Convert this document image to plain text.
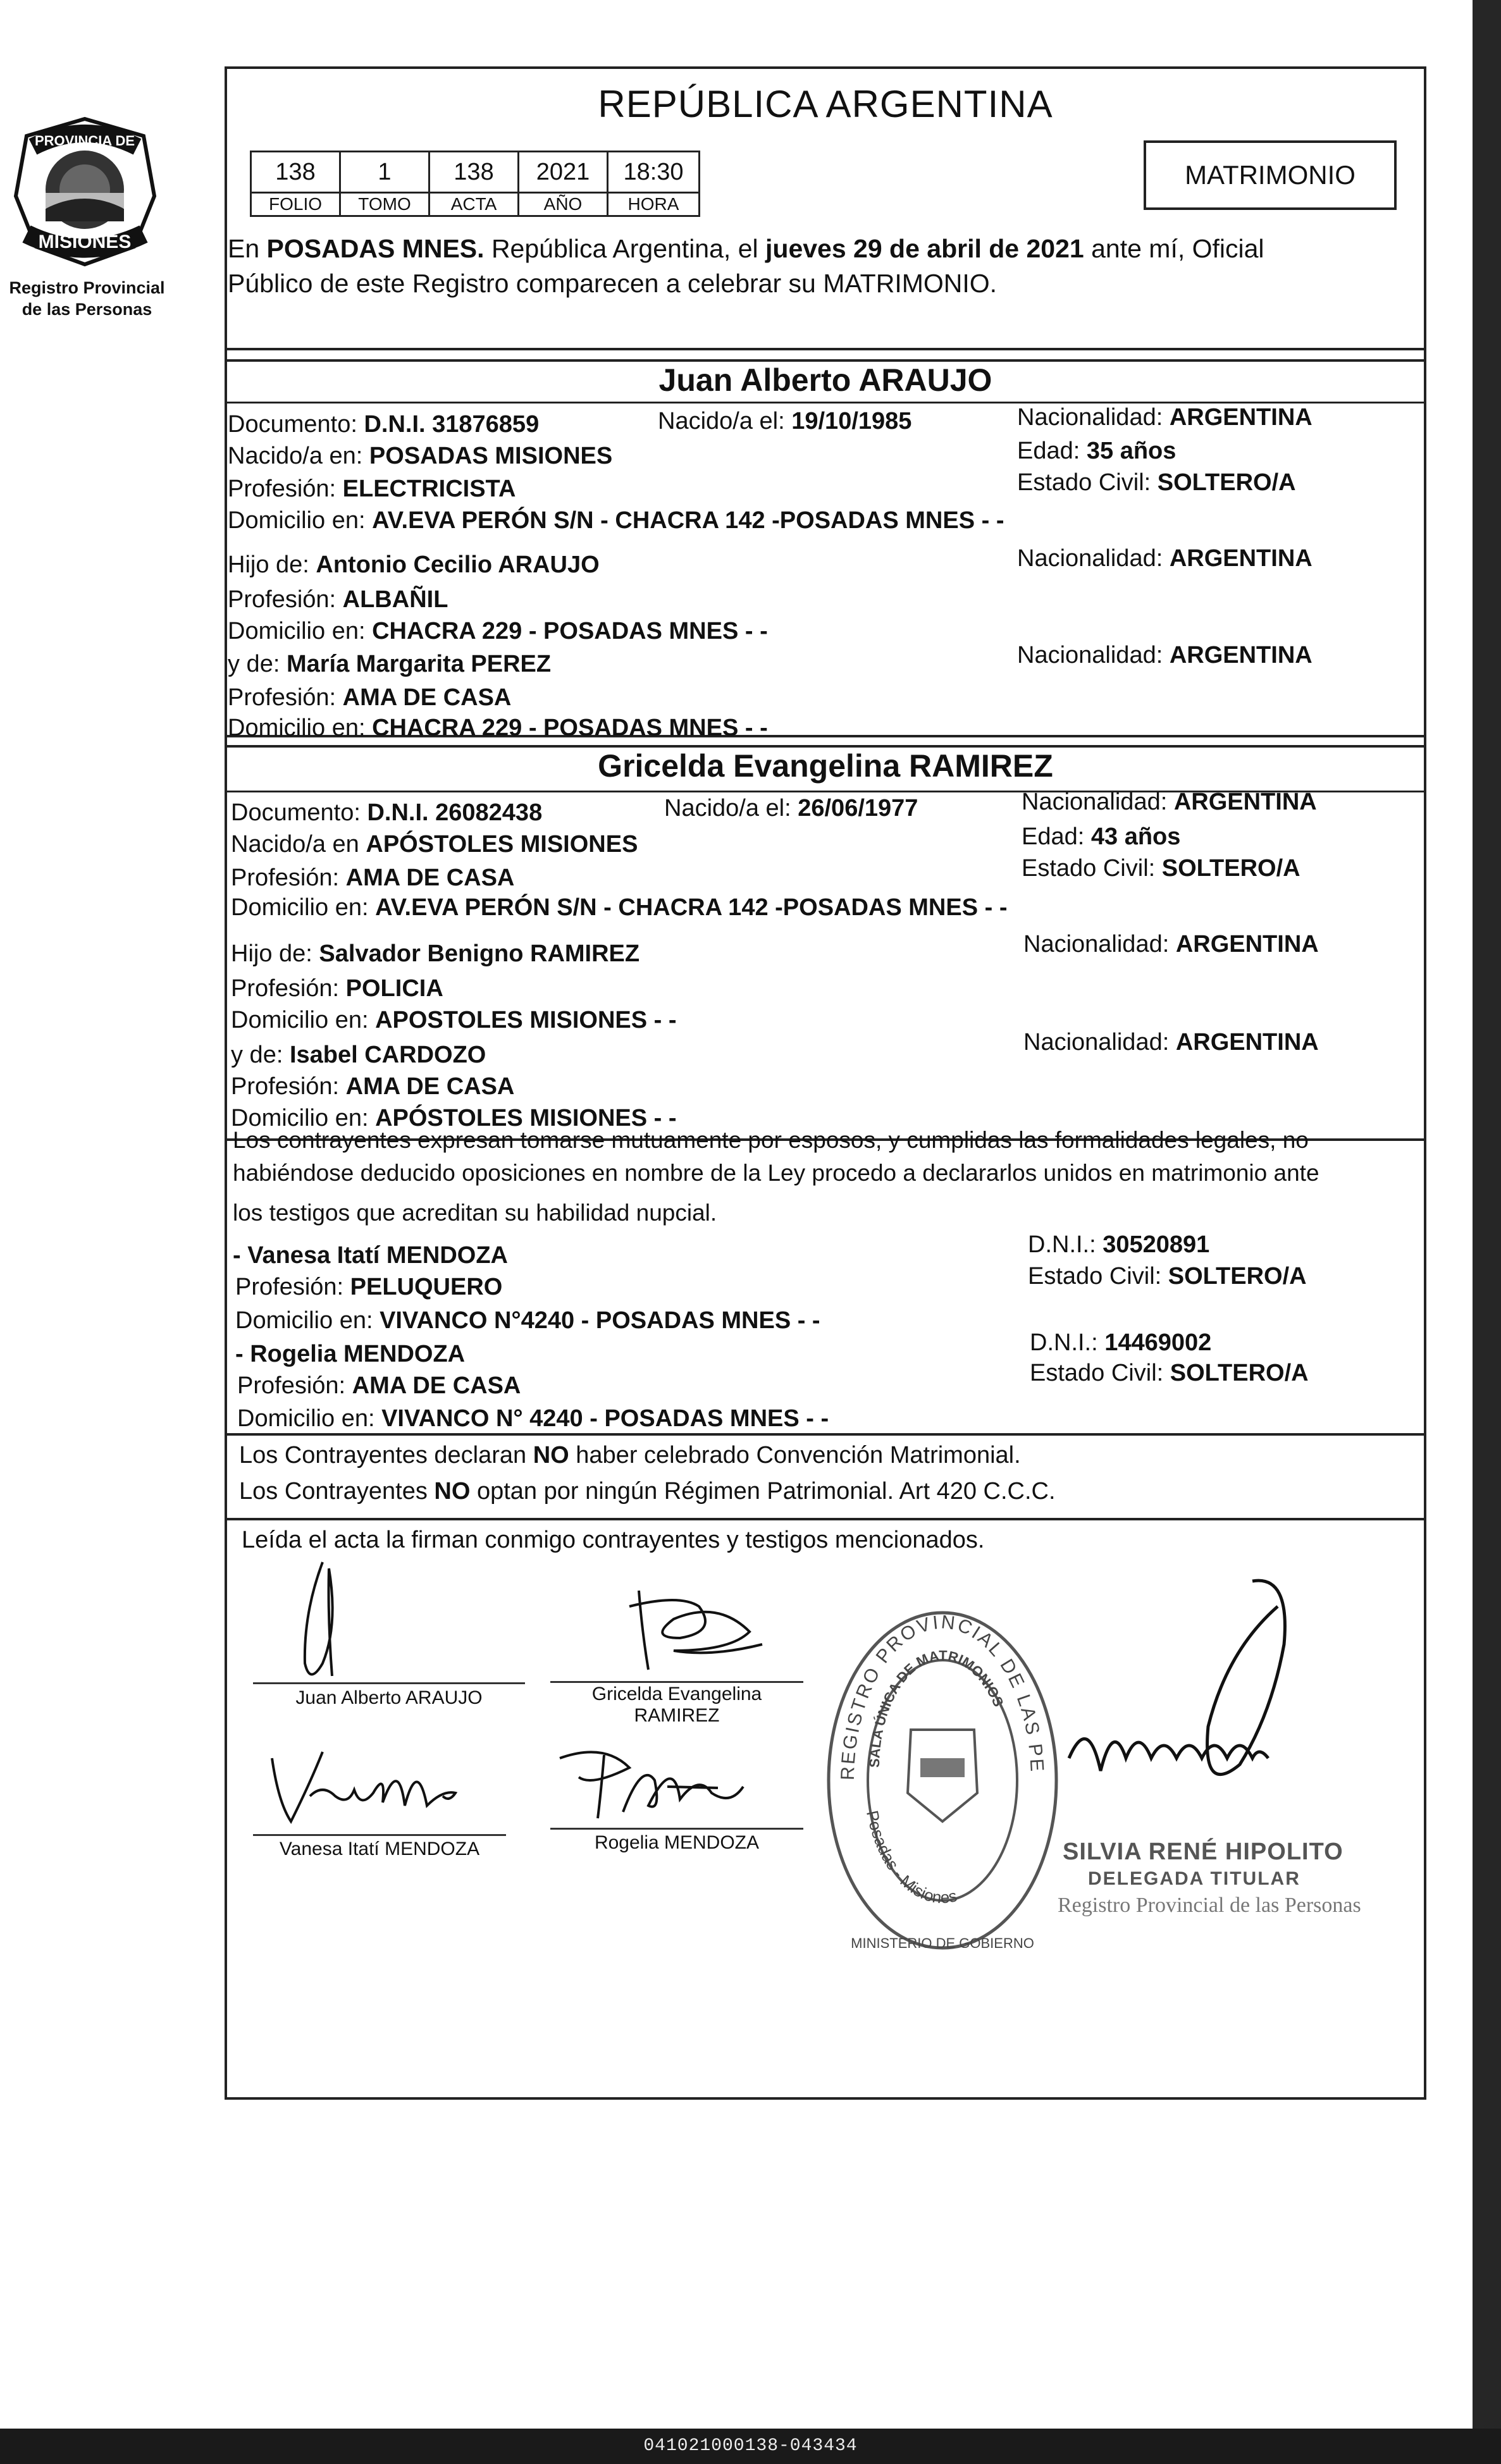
041021000138-043434
PROVINCIA DE
MISIONES
Registro Provincial
de las Personas
REPÚBLICA ARGENTINA
138	1	138	2021	18:30
FOLIO	TOMO	ACTA	AÑO	HORA
MATRIMONIO
En POSADAS MNES. República Argentina, el jueves 29 de abril de 2021 ante mí, Oficial
Público de este Registro comparecen a celebrar su MATRIMONIO.
Juan Alberto ARAUJO
Documento: D.N.I. 31876859	Nacido/a el: 19/10/1985	Nacionalidad: ARGENTINA
Nacido/a en: POSADAS MISIONES	Edad: 35 años
Profesión: ELECTRICISTA	Estado Civil: SOLTERO/A
Domicilio en: AV.EVA PERÓN S/N - CHACRA 142 -POSADAS MNES - -
Hijo de: Antonio Cecilio ARAUJO	Nacionalidad: ARGENTINA
Profesión: ALBAÑIL
Domicilio en: CHACRA 229 - POSADAS MNES - -
y de: María Margarita PEREZ	Nacionalidad: ARGENTINA
Profesión: AMA DE CASA
Domicilio en: CHACRA 229 - POSADAS MNES - -
Gricelda Evangelina RAMIREZ
Documento: D.N.I. 26082438	Nacido/a el: 26/06/1977	Nacionalidad: ARGENTINA
Nacido/a en APÓSTOLES MISIONES	Edad: 43 años
Profesión: AMA DE CASA	Estado Civil: SOLTERO/A
Domicilio en: AV.EVA PERÓN S/N - CHACRA 142 -POSADAS MNES - -
Hijo de: Salvador Benigno RAMIREZ	Nacionalidad: ARGENTINA
Profesión: POLICIA
Domicilio en: APOSTOLES MISIONES - -
y de: Isabel CARDOZO	Nacionalidad: ARGENTINA
Profesión: AMA DE CASA
Domicilio en: APÓSTOLES MISIONES - -
Los contrayentes expresan tomarse mutuamente por esposos, y cumplidas las formalidades legales, no
habiéndose deducido oposiciones en nombre de la Ley procedo a declararlos unidos en matrimonio ante
los testigos que acreditan su habilidad nupcial.
- Vanesa Itatí MENDOZA	D.N.I.: 30520891
Profesión: PELUQUERO	Estado Civil: SOLTERO/A
Domicilio en: VIVANCO N°4240 - POSADAS MNES - -
- Rogelia MENDOZA	D.N.I.: 14469002
Profesión: AMA DE CASA	Estado Civil: SOLTERO/A
Domicilio en: VIVANCO N° 4240 - POSADAS MNES - -
Los Contrayentes declaran NO haber celebrado Convención Matrimonial.
Los Contrayentes NO optan por ningún Régimen Patrimonial. Art 420 C.C.C.
Leída el acta la firman conmigo contrayentes y testigos mencionados.
Juan Alberto ARAUJO	Gricelda Evangelina
RAMIREZ
Vanesa Itatí MENDOZA	Rogelia MENDOZA
REGISTRO PROVINCIAL DE LAS PERSONAS
SALA ÚNICA DE MATRIMONIOS
Posadas - Misiones
MINISTERIO DE GOBIERNO
SILVIA RENÉ HIPOLITO
DELEGADA TITULAR
Registro Provincial de las Personas
